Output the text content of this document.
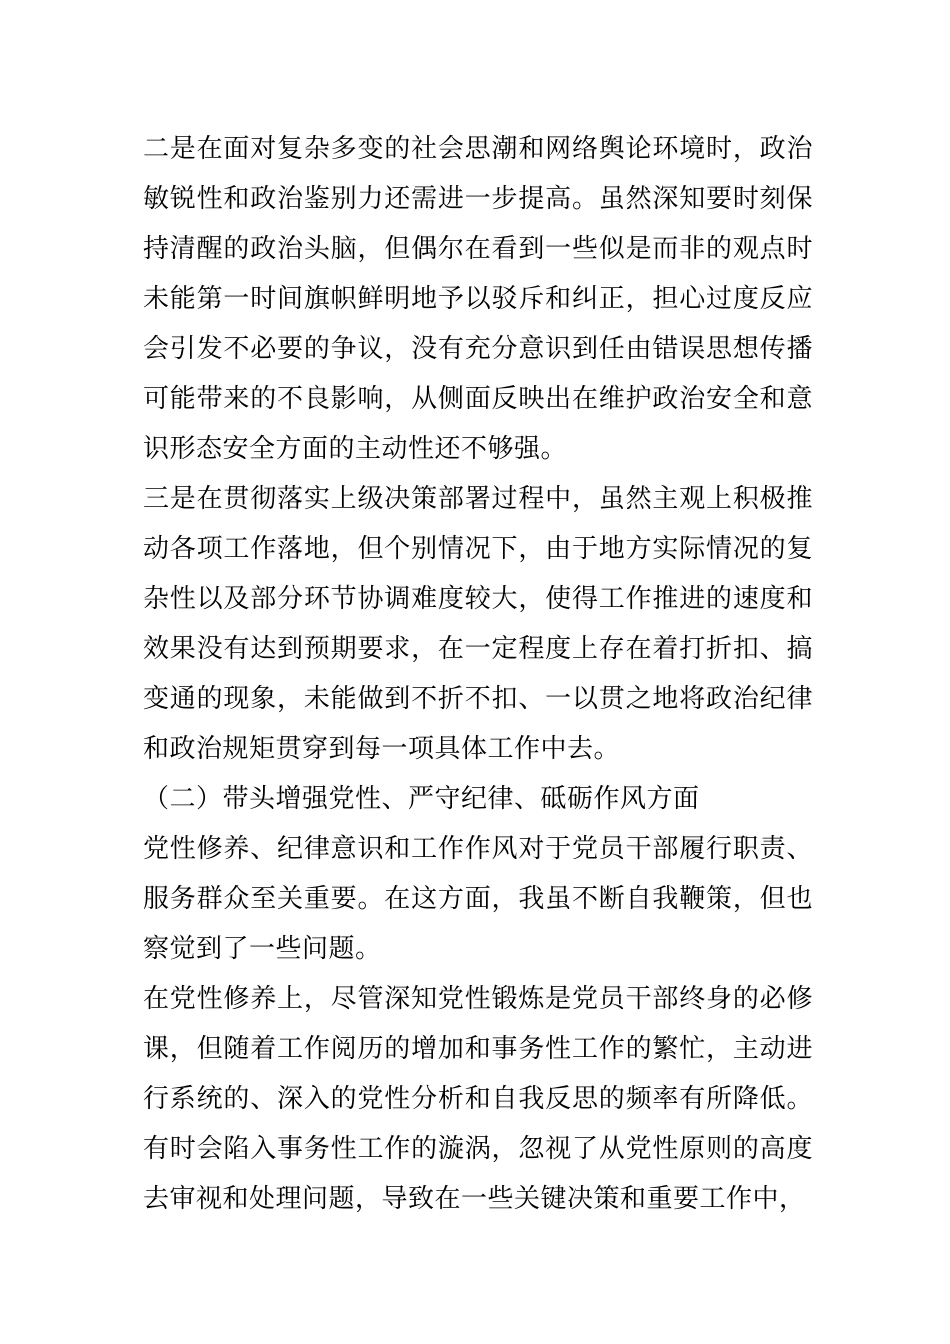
二是在面对复杂多变的社会思潮和网络舆论环境时，政治敏锐性和政治鉴别力还需进一步提高。虽然深知要时刻保持清醒的政治头脑，但偶尔在看到一些似是而非的观点时未能第一时间旗帜鲜明地予以驳斥和纠正，担心过度反应会引发不必要的争议，没有充分意识到任由错误思想传播可能带来的不良影响，从侧面反映出在维护政治安全和意识形态安全方面的主动性还不够强。

三是在贯彻落实上级决策部署过程中，虽然主观上积极推动各项工作落地，但个别情况下，由于地方实际情况的复杂性以及部分环节协调难度较大，使得工作推进的速度和效果没有达到预期要求，在一定程度上存在着打折扣、搞变通的现象，未能做到不折不扣、一以贯之地将政治纪律和政治规矩贯穿到每一项具体工作中去。

（二）带头增强党性、严守纪律、砥砺作风方面

党性修养、纪律意识和工作作风对于党员干部履行职责、服务群众至关重要。在这方面，我虽不断自我鞭策，但也察觉到了一些问题。

在党性修养上，尽管深知党性锻炼是党员干部终身的必修课，但随着工作阅历的增加和事务性工作的繁忙，主动进行系统的、深入的党性分析和自我反思的频率有所降低。有时会陷入事务性工作的漩涡，忽视了从党性原则的高度去审视和处理问题，导致在一些关键决策和重要工作中，
